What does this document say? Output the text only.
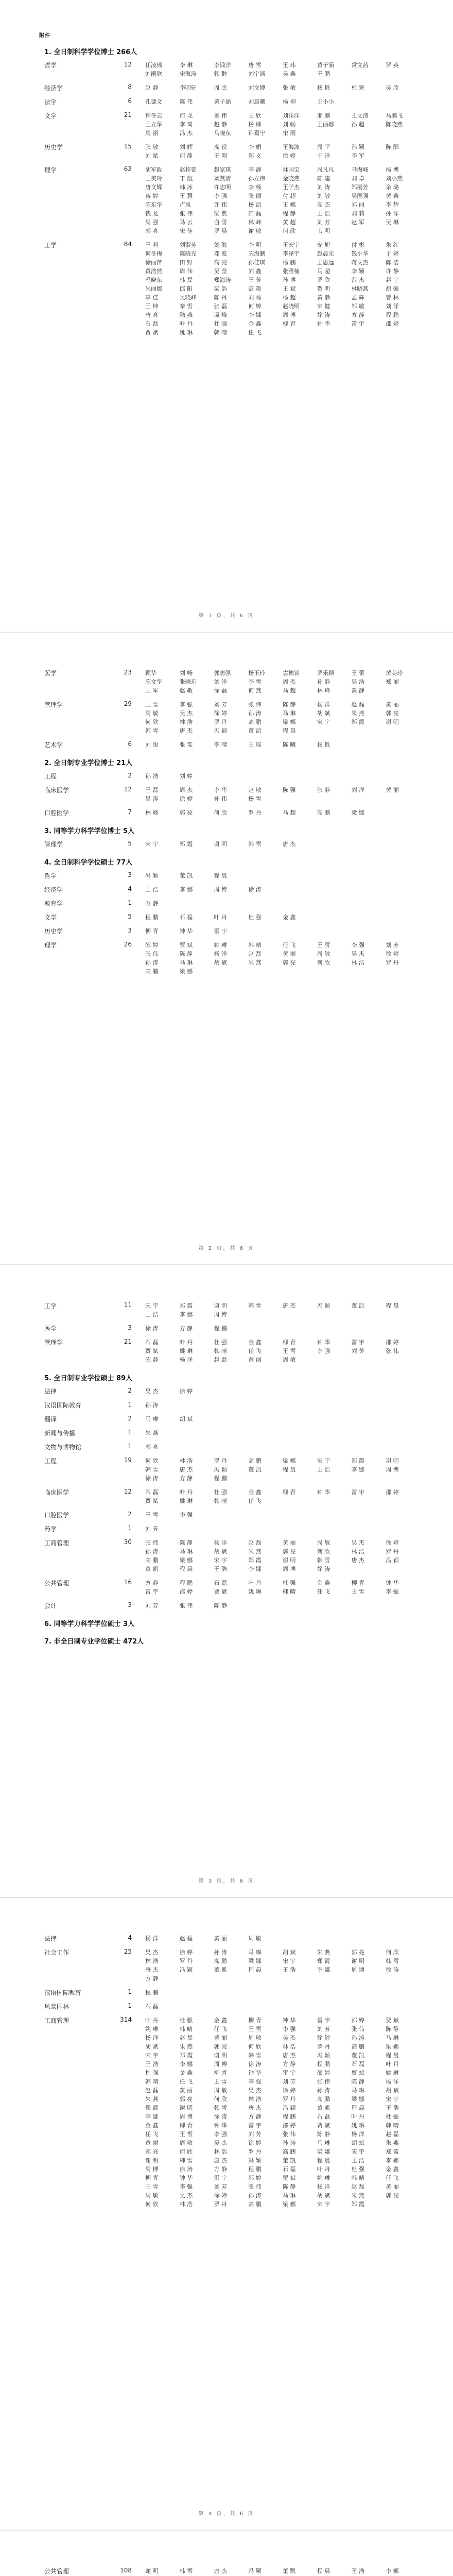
附件
1. 全日制科学学位博士 266人
哲学	12 任凌瑶	李 琳	李钱洋	唐 雪	王 玮	黄子涵	常文茜	罗 英
刘雨欣	宋海涛	韩 翀	刘宇涵	吴 鑫	王 鹏
经济学	8 赵 静	李明轩	周 杰	刘文博	张 敏	杨 帆	杜 寒	吴 欣
法学	6 孔德文	陈 伟	黄子涵	刘晨曦	杨 柳	王小小
文学	21 许冬云	何 龙	刘 伟	王 欣	刘洋洋	邢 鹏	王文清	马鹏飞
王立华	李 琦	赵 静	杨 柳	刘 畅	王丽娜	孙 超	陈晓燕
周 丽	冯 杰	马晓东	许嘉宁	宋 雨
历史学	15 张 敏	刘 辉	高 锐	李 娟	王海波	周 平	孙 颖	陈 阳
刘 斌	何 静	王 刚	郑 义	徐 婷	于 洋	李 军
理学	62 胡军政	赵梓萱	赵家琪	李 静	林国宝	周凡凡	马海峰	杨 博
王美玲	丁 航	刘燕清	孙立伟	金晓燕	陈 建	刘 卓	刘小燕
唐文辉	韩 冰	许志明	李 杨	王子杰	刘 涛	郑丽芳	余 璐
蒋 婷	王 慧	李 强	张 丽	付 超	刘 敏	吴国强	黄 鑫
陈东华	卢凤	许 伟	杨 凯	王 娜	高 杰	邓 丽	李 辉
钱 龙	张 伟	梁 燕	田 磊	程 静	王 浩	刘 莉	孙 洋
周 强	马 云	白 雪	林 峰	黄 超	刘 芳	赵 军	吴 琳
郭 亮	宋 佳	罗 晨	谢 敏	何 欣	韦 明
工学	84 王 莉	刘淑芳	刘 海	李 明	王宏宇	安 旭	付 彬	朱 红
何冬梅	陈晓光	邓 波	宋海鹏	李泽宇	赵晨光	钱小华	于 婷
徐丽萍	田 野	高 亮	孙佳琪	杨 鹏	王思远	蒋文杰	陈 洁
黄浩然	周 伟	吴 坚	刘 鑫	张雅楠	马 超	李 颖	许 静
冯晓东	韩 磊	郑海涛	王 芳	孙 博	罗 欣	范 杰	赵 宇
朱丽娜	邱 阳	梁 浩	彭 艳	王 斌	贺 明	林晓燕	胡 强
李 佳	吴晓峰	陈 丹	刘 畅	杨 超	黄 静	孟 辉	曹 林
王 坤	秦 雪	张 磊	何 婷	赵晓明	宋 健	邹 敏	刘 洋
唐 亮	陆 燕	谭 峰	李 娜	周 博	徐 涛	方 静	程 鹏
石 磊	叶 丹	杜 强	金 鑫	柳 青	钟 华	雷 宇	邵 婷
贾 斌	姚 琳	韩 晴	任 飞
第 1 页，共 6 页
医学	23 顾华	刘 畅	郭志强	杨玉玲	袁德铭	罗乐顺	王 蕾	黄美玲
陈文华	张晓东	刘 洋	李 雪	周 杰	孙 静	吴 浩	郑 丽
王 军	赵 敏	徐 磊	何 燕	马 超	林 峰	黄 静
管理学	29 王 雪	李 强	刘 芳	张 伟	陈 静	杨 洋	赵 磊	黄 丽
周 敏	吴 杰	徐 婷	孙 涛	马 琳	胡 斌	朱 燕	郭 亮
何 欣	林 浩	罗 丹	高 鹏	梁 娜	宋 宇	郑 霞	谢 明
韩 雪	唐 杰	冯 颖	董 凯	程 晨
艺术学	6 刘 悦	张 雯	李 晴	王 瑶	陈 曦	杨 帆
2. 全日制专业学位博士 21人
工程	2 孙 浩	刘 婷
临床医学	12 王 磊	周 杰	李 华	赵 敏	陈 强	张 静	刘 洋	黄 丽
吴 涛	徐 婷	孙 伟	杨 雪
口腔医学	7 林 峰	郭 亮	何 欣	罗 丹	马 超	高 鹏	梁 娜
3. 同等学力科学学位博士 5人
管理学	5 宋 宇	郑 霞	谢 明	韩 雪	唐 杰
4. 全日制科学学位硕士 77人
哲学	3 冯 颖	董 凯	程 晨
经济学	4 王 浩	李 娜	周 博	徐 涛
教育学	1 方 静
文学	5 程 鹏	石 磊	叶 丹	杜 强	金 鑫
历史学	3 柳 青	钟 华	雷 宇
理学	26 邵 婷	贾 斌	姚 琳	韩 晴	任 飞	王 雪	李 强	刘 芳
张 伟	陈 静	杨 洋	赵 磊	黄 丽	周 敏	吴 杰	徐 婷
孙 涛	马 琳	胡 斌	朱 燕	郭 亮	何 欣	林 浩	罗 丹
高 鹏	梁 娜
第 2 页，共 6 页
工学	11 宋 宇	郑 霞	谢 明	韩 雪	唐 杰	冯 颖	董 凯	程 晨
王 浩	李 娜	周 博
医学	3 徐 涛	方 静	程 鹏
管理学	21 石 磊	叶 丹	杜 强	金 鑫	柳 青	钟 华	雷 宇	邵 婷
贾 斌	姚 琳	韩 晴	任 飞	王 雪	李 强	刘 芳	张 伟
陈 静	杨 洋	赵 磊	黄 丽	周 敏
5. 全日制专业学位硕士 89人
法律	2 吴 杰	徐 婷
汉语国际教育	1 孙 涛
翻译	2 马 琳	胡 斌
新闻与传播	1 朱 燕
文物与博物馆	1 郭 亮
工程	19 何 欣	林 浩	罗 丹	高 鹏	梁 娜	宋 宇	郑 霞	谢 明
韩 雪	唐 杰	冯 颖	董 凯	程 晨	王 浩	李 娜	周 博
徐 涛	方 静	程 鹏
临床医学	12 石 磊	叶 丹	杜 强	金 鑫	柳 青	钟 华	雷 宇	邵 婷
贾 斌	姚 琳	韩 晴	任 飞
口腔医学	2 王 雪	李 强
药学	1 刘 芳
工商管理	30 张 伟	陈 静	杨 洋	赵 磊	黄 丽	周 敏	吴 杰	徐 婷
孙 涛	马 琳	胡 斌	朱 燕	郭 亮	何 欣	林 浩	罗 丹
高 鹏	梁 娜	宋 宇	郑 霞	谢 明	韩 雪	唐 杰	冯 颖
董 凯	程 晨	王 浩	李 娜	周 博	徐 涛
公共管理	16 方 静	程 鹏	石 磊	叶 丹	杜 强	金 鑫	柳 青	钟 华
雷 宇	邵 婷	贾 斌	姚 琳	韩 晴	任 飞	王 雪	李 强
会计	3 刘 芳	张 伟	陈 静
6. 同等学力科学学位硕士 3人
7. 非全日制专业学位硕士 472人
第 3 页，共 6 页
法律	4 杨 洋	赵 磊	黄 丽	周 敏
社会工作	25 吴 杰	徐 婷	孙 涛	马 琳	胡 斌	朱 燕	郭 亮	何 欣
林 浩	罗 丹	高 鹏	梁 娜	宋 宇	郑 霞	谢 明	韩 雪
唐 杰	冯 颖	董 凯	程 晨	王 浩	李 娜	周 博	徐 涛
方 静
汉语国际教育	1 程 鹏
风景园林	1 石 磊
工商管理	314 叶 丹	杜 强	金 鑫	柳 青	钟 华	雷 宇	邵 婷	贾 斌
姚 琳	韩 晴	任 飞	王 雪	李 强	刘 芳	张 伟	陈 静
杨 洋	赵 磊	黄 丽	周 敏	吴 杰	徐 婷	孙 涛	马 琳
胡 斌	朱 燕	郭 亮	何 欣	林 浩	罗 丹	高 鹏	梁 娜
宋 宇	郑 霞	谢 明	韩 雪	唐 杰	冯 颖	董 凯	程 晨
王 浩	李 娜	周 博	徐 涛	方 静	程 鹏	石 磊	叶 丹
杜 强	金 鑫	柳 青	钟 华	雷 宇	邵 婷	贾 斌	姚 琳
韩 晴	任 飞	王 雪	李 强	刘 芳	张 伟	陈 静	杨 洋
赵 磊	黄 丽	周 敏	吴 杰	徐 婷	孙 涛	马 琳	胡 斌
朱 燕	郭 亮	何 欣	林 浩	罗 丹	高 鹏	梁 娜	宋 宇
郑 霞	谢 明	韩 雪	唐 杰	冯 颖	董 凯	程 晨	王 浩
李 娜	周 博	徐 涛	方 静	程 鹏	石 磊	叶 丹	杜 强
金 鑫	柳 青	钟 华	雷 宇	邵 婷	贾 斌	姚 琳	韩 晴
任 飞	王 雪	李 强	刘 芳	张 伟	陈 静	杨 洋	赵 磊
黄 丽	周 敏	吴 杰	徐 婷	孙 涛	马 琳	胡 斌	朱 燕
郭 亮	何 欣	林 浩	罗 丹	高 鹏	梁 娜	宋 宇	郑 霞
谢 明	韩 雪	唐 杰	冯 颖	董 凯	程 晨	王 浩	李 娜
周 博	徐 涛	方 静	程 鹏	石 磊	叶 丹	杜 强	金 鑫
柳 青	钟 华	雷 宇	邵 婷	贾 斌	姚 琳	韩 晴	任 飞
王 雪	李 强	刘 芳	张 伟	陈 静	杨 洋	赵 磊	黄 丽
周 敏	吴 杰	徐 婷	孙 涛	马 琳	胡 斌	朱 燕	郭 亮
何 欣	林 浩	罗 丹	高 鹏	梁 娜	宋 宇	郑 霞
第 4 页，共 6 页
公共管理	108 谢 明	韩 雪	唐 杰	冯 颖	董 凯	程 晨	王 浩	李 娜
